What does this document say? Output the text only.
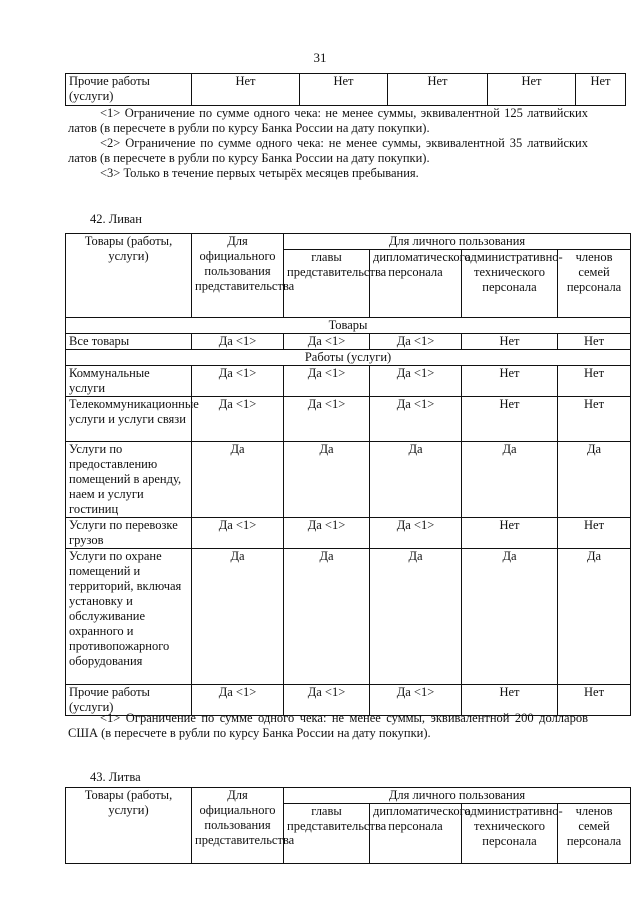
31
Прочие работы (услуги)	Нет	Нет	Нет	Нет	Нет

<1> Ограничение по сумме одного чека: не менее суммы, эквивалентной 125 латвийских латов (в пересчете в рубли по курсу Банка России на дату покупки).

<2> Ограничение по сумме одного чека: не менее суммы, эквивалентной 35 латвийских латов (в пересчете в рубли по курсу Банка России на дату покупки).

<3> Только в течение первых четырёх месяцев пребывания.

42. Ливан
Товары (работы, услуги)	Для официального пользования представительства	Для личного пользования			
		главы представительства	дипломатического персонала	административно-технического персонала	членов семей персонала
Товары					
Все товары	Да <1>	Да <1>	Да <1>	Нет	Нет
Работы (услуги)					
Коммунальные услуги	Да <1>	Да <1>	Да <1>	Нет	Нет
Телекоммуникационные услуги и услуги связи	Да <1>	Да <1>	Да <1>	Нет	Нет
Услуги по предоставлению помещений в аренду, наем и услуги гостиниц	Да	Да	Да	Да	Да
Услуги по перевозке грузов	Да <1>	Да <1>	Да <1>	Нет	Нет
Услуги по охране помещений и территорий, включая установку и обслуживание охранного и противопожарного оборудования	Да	Да	Да	Да	Да
Прочие работы (услуги)	Да <1>	Да <1>	Да <1>	Нет	Нет

<1> Ограничение по сумме одного чека: не менее суммы, эквивалентной 200 долларов США (в пересчете в рубли по курсу Банка России на дату покупки).

43. Литва
Товары (работы, услуги)	Для официального пользования представительства	Для личного пользования			
		главы представительства	дипломатического персонала	административно-технического персонала	членов семей персонала
